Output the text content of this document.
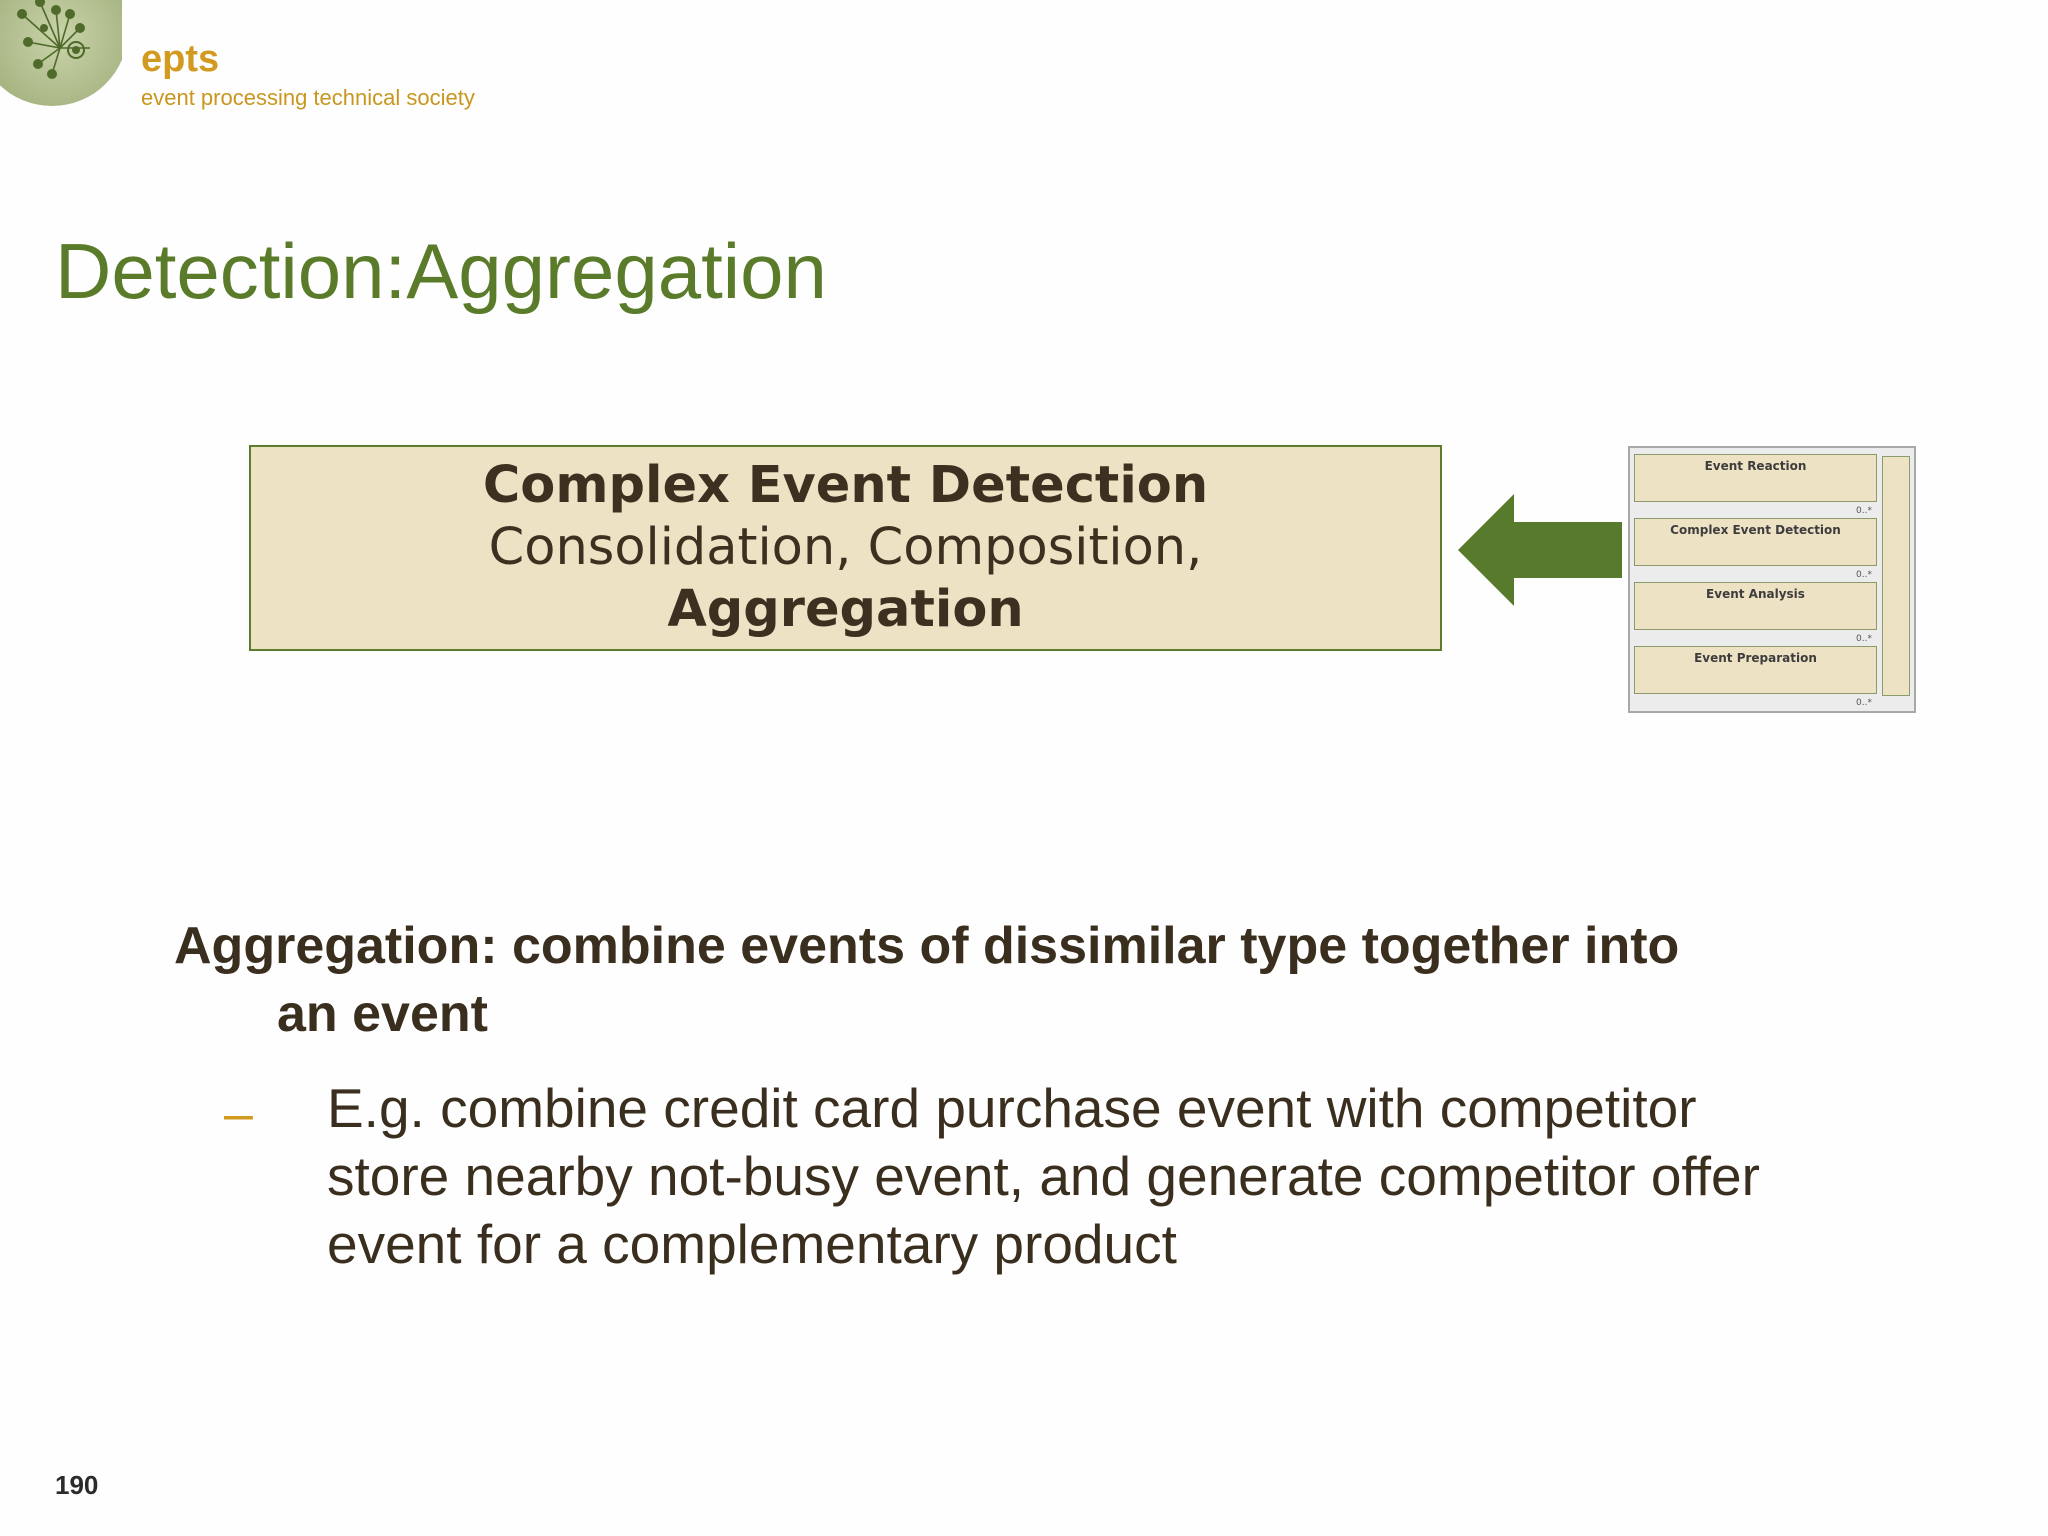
epts
event processing technical society
Detection:Aggregation
Complex Event Detection
Consolidation, Composition,
Aggregation
Event Reaction
0..*
Complex Event Detection
0..*
Event Analysis
0..*
Event Preparation
0..*
Aggregation: combine events of dissimilar type together into
an event
– E.g. combine credit card purchase event with competitor
store nearby not-busy event, and generate competitor offer
event for a complementary product
190
